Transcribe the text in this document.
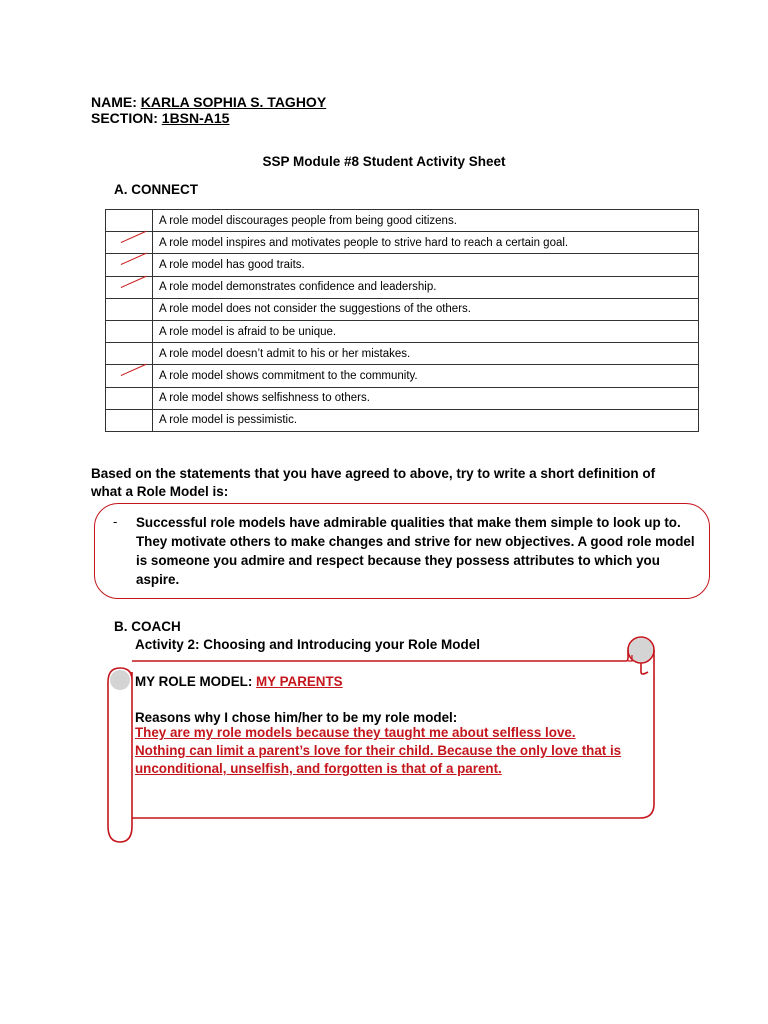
NAME: KARLA SOPHIA S. TAGHOY
SECTION: 1BSN-A15
SSP Module #8 Student Activity Sheet
A. CONNECT
	A role model discourages people from being good citizens.

	A role model inspires and motivates people to strive hard to reach a certain goal.

	A role model has good traits.

	A role model demonstrates confidence and leadership.
	A role model does not consider the suggestions of the others.
	A role model is afraid to be unique.
	A role model doesn’t admit to his or her mistakes.

	A role model shows commitment to the community.
	A role model shows selfishness to others.
	A role model is pessimistic.
Based on the statements that you have agreed to above, try to write a short definition of
what a Role Model is:
- Successful role models have admirable qualities that make them simple to look up to. They motivate others to make changes and strive for new objectives. A good role model is someone you admire and respect because they possess attributes to which you aspire.
B. COACH
Activity 2: Choosing and Introducing your Role Model
MY ROLE MODEL: MY PARENTS
Reasons why I chose him/her to be my role model:
They are my role models because they taught me about selfless love.
Nothing can limit a parent’s love for their child. Because the only love that is
unconditional, unselfish, and forgotten is that of a parent.
